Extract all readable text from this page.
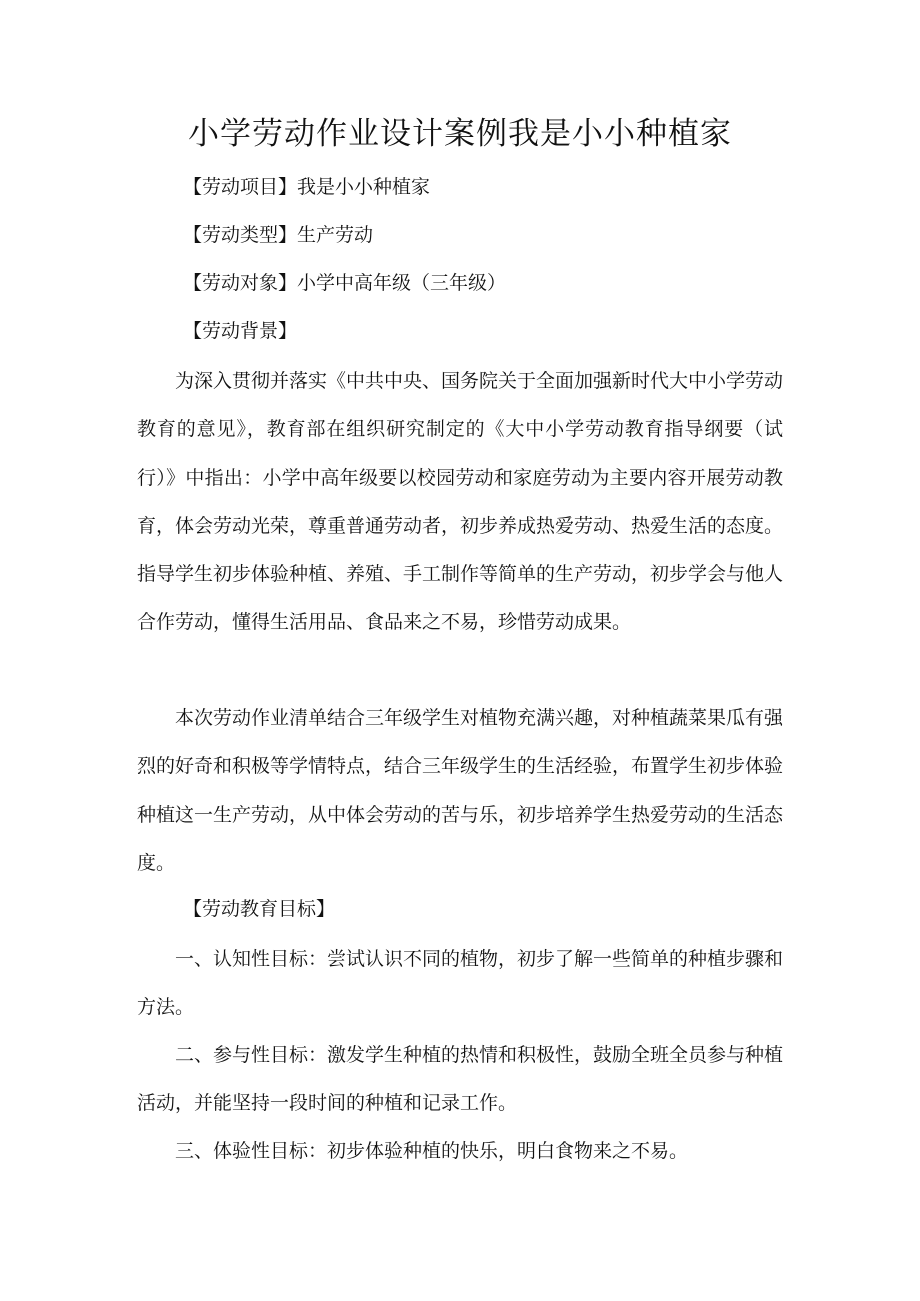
小学劳动作业设计案例我是小小种植家
【劳动项目】我是小小种植家
【劳动类型】生产劳动
【劳动对象】小学中高年级（三年级）
【劳动背景】

为深入贯彻并落实《中共中央、国务院关于全面加强新时代大中小学劳动教育的意见》，教育部在组织研究制定的《大中小学劳动教育指导纲要（试行）》中指出：小学中高年级要以校园劳动和家庭劳动为主要内容开展劳动教育，体会劳动光荣，尊重普通劳动者，初步养成热爱劳动、热爱生活的态度。指导学生初步体验种植、养殖、手工制作等简单的生产劳动，初步学会与他人合作劳动，懂得生活用品、食品来之不易，珍惜劳动成果。

本次劳动作业清单结合三年级学生对植物充满兴趣，对种植蔬菜果瓜有强烈的好奇和积极等学情特点，结合三年级学生的生活经验，布置学生初步体验种植这一生产劳动，从中体会劳动的苦与乐，初步培养学生热爱劳动的生活态度。

【劳动教育目标】

一、认知性目标：尝试认识不同的植物，初步了解一些简单的种植步骤和方法。

二、参与性目标：激发学生种植的热情和积极性，鼓励全班全员参与种植活动，并能坚持一段时间的种植和记录工作。

三、体验性目标：初步体验种植的快乐，明白食物来之不易。
